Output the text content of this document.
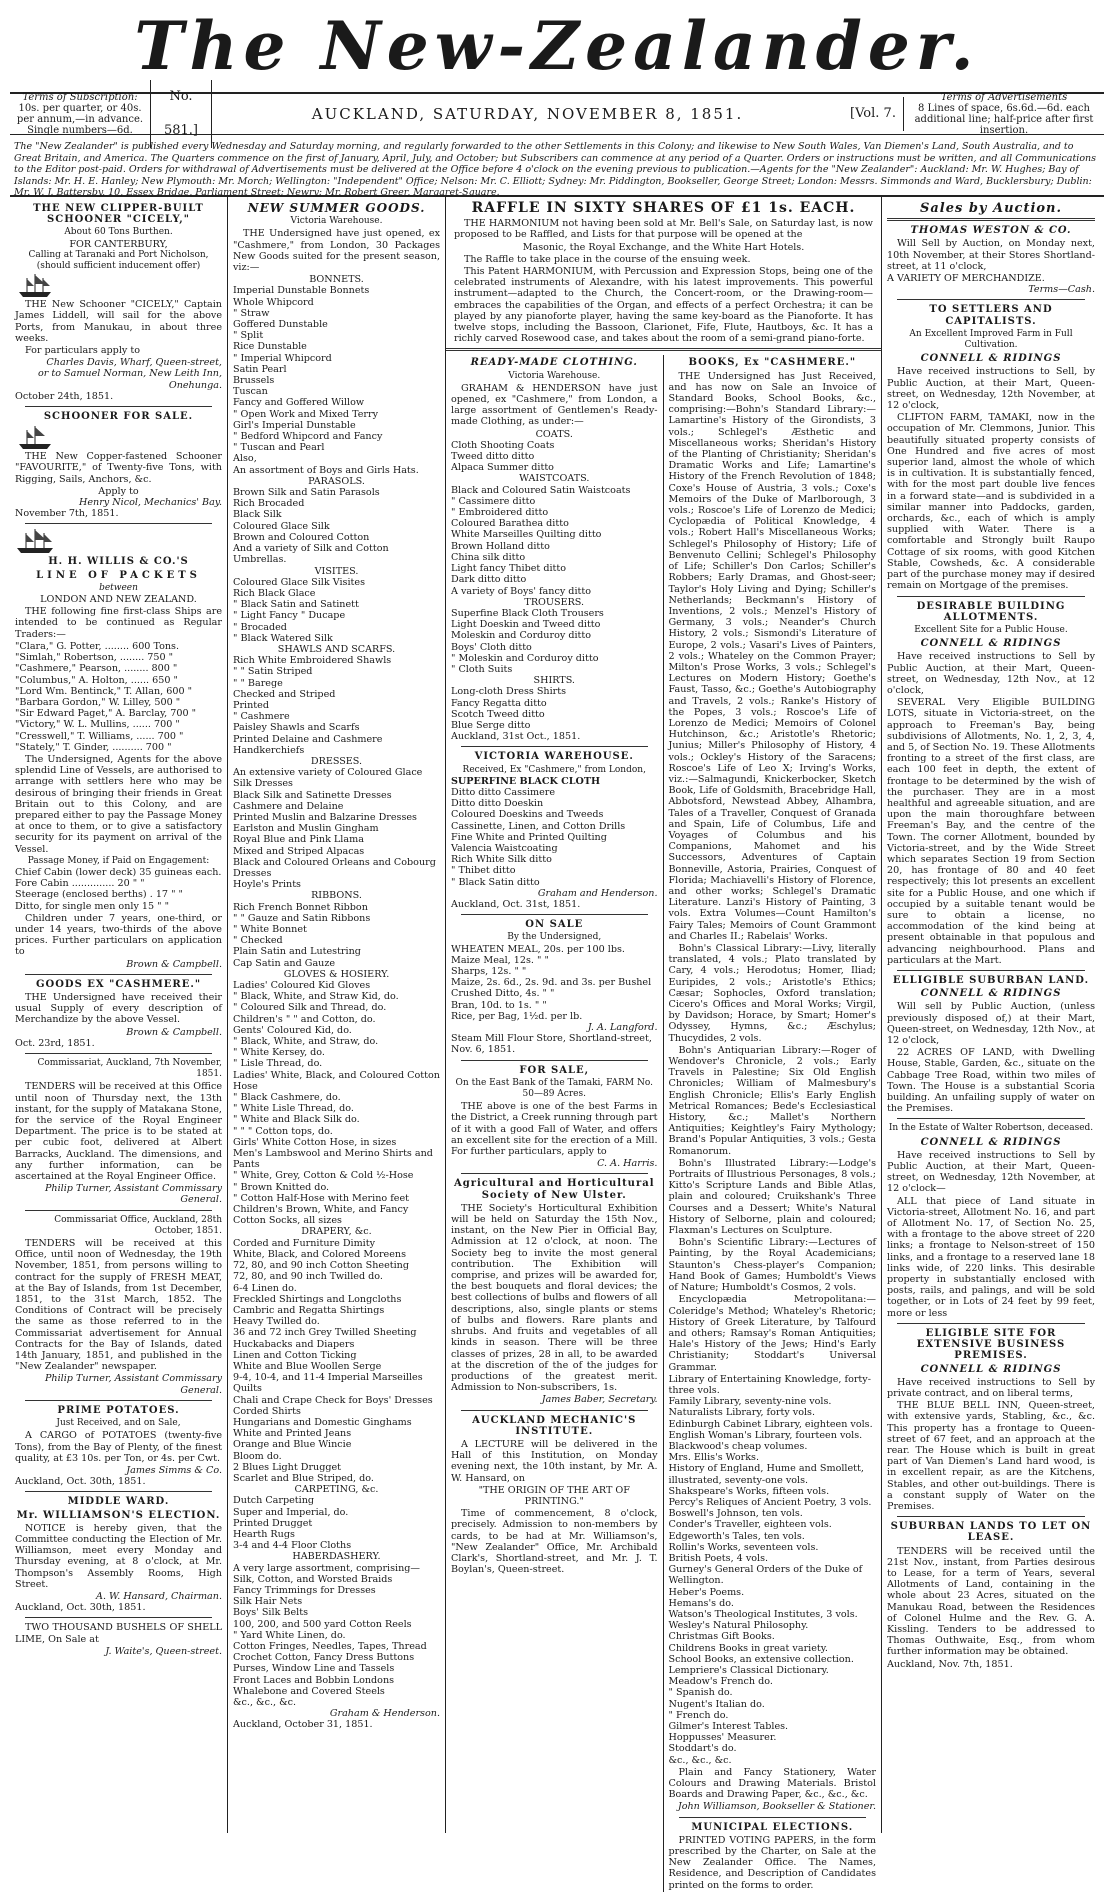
The New-Zealander.
Terms of Subscription:
10s. per quarter, or 40s. per annum,—in advance. Single numbers—6d.
No. 581.]
AUCKLAND, SATURDAY, NOVEMBER 8, 1851.	[Vol. 7.
Terms of Advertisements
8 Lines of space, 6s.6d.—6d. each additional line; half-price after first insertion.
The "New Zealander" is published every Wednesday and Saturday morning, and regularly forwarded to the other Settlements in this Colony; and likewise to New South Wales, Van Diemen's Land, South Australia, and to Great Britain, and America. The Quarters commence on the first of January, April, July, and October; but Subscribers can commence at any period of a Quarter. Orders or instructions must be written, and all Communications to the Editor post-paid. Orders for withdrawal of Advertisements must be delivered at the Office before 4 o'clock on the evening previous to publication.—Agents for the "New Zealander": Auckland: Mr. W. Hughes; Bay of Islands: Mr. H. E. Hanley; New Plymouth: Mr. Morch; Wellington: "Independent" Office; Nelson: Mr. C. Elliott; Sydney: Mr. Piddington, Bookseller, George Street; London: Messrs. Simmonds and Ward, Bucklersbury; Dublin: Mr. W. J. Battersby, 10, Essex Bridge, Parliament Street; Newry: Mr. Robert Greer, Margaret-Square.
THE NEW CLIPPER-BUILT SCHOONER "CICELY,"
About 60 Tons Burthen.
FOR CANTERBURY,
Calling at Taranaki and Port Nicholson, (should sufficient inducement offer)

THE New Schooner "CICELY," Captain James Liddell, will sail for the above Ports, from Manukau, in about three weeks.

For particulars apply to

Charles Davis, Wharf, Queen-street,
or to Samuel Norman, New Leith Inn, Onehunga.
October 24th, 1851.
SCHOONER FOR SALE.

THE New Copper-fastened Schooner "FAVOURITE," of Twenty-five Tons, with Rigging, Sails, Anchors, &c.

Apply to
Henry Nicol, Mechanics' Bay.
November 7th, 1851.
H. H. WILLIS & CO.'S
LINE OF PACKETS
between
LONDON AND NEW ZEALAND.

THE following fine first-class Ships are intended to be continued as Regular Traders:—

"Clara," G. Potter, ........ 600 Tons.
"Simlah," Robertson, ........ 750 "
"Cashmere," Pearson, ........ 800 "
"Columbus," A. Holton, ...... 650 "
"Lord Wm. Bentinck," T. Allan, 600 "
"Barbara Gordon," W. Lilley, 500 "
"Sir Edward Paget," A. Barclay, 700 "
"Victory," W. L. Mullins, ...... 700 "
"Cresswell," T. Williams, ...... 700 "
"Stately," T. Ginder, .......... 700 "

The Undersigned, Agents for the above splendid Line of Vessels, are authorised to arrange with settlers here who may be desirous of bringing their friends in Great Britain out to this Colony, and are prepared either to pay the Passage Money at once to them, or to give a satisfactory security for its payment on arrival of the Vessel.

Passage Money, if Paid on Engagement:
Chief Cabin (lower deck) 35 guineas each.
Fore Cabin .............. 20 " "
Steerage (enclosed berths) . 17 " "
Ditto, for single men only 15 " "

Children under 7 years, one-third, or under 14 years, two-thirds of the above prices. Further particulars on application to

Brown & Campbell.
GOODS EX "CASHMERE."

THE Undersigned have received their usual Supply of every description of Merchandize by the above Vessel.

Brown & Campbell.
Oct. 23rd, 1851.
Commissariat, Auckland, 7th November, 1851.

TENDERS will be received at this Office until noon of Thursday next, the 13th instant, for the supply of Matakana Stone, for the service of the Royal Engineer Department. The price is to be stated at per cubic foot, delivered at Albert Barracks, Auckland. The dimensions, and any further information, can be ascertained at the Royal Engineer Office.

Philip Turner, Assistant Commissary General.
Commissariat Office, Auckland, 28th October, 1851.

TENDERS will be received at this Office, until noon of Wednesday, the 19th November, 1851, from persons willing to contract for the supply of FRESH MEAT, at the Bay of Islands, from 1st December, 1851, to the 31st March, 1852. The Conditions of Contract will be precisely the same as those referred to in the Commissariat advertisement for Annual Contracts for the Bay of Islands, dated 14th January, 1851, and published in the "New Zealander" newspaper.

Philip Turner, Assistant Commissary General.
PRIME POTATOES.
Just Received, and on Sale,

A CARGO of POTATOES (twenty-five Tons), from the Bay of Plenty, of the finest quality, at £3 10s. per Ton, or 4s. per Cwt.

James Simms & Co.
Auckland, Oct. 30th, 1851.
MIDDLE WARD.
Mr. WILLIAMSON'S ELECTION.

NOTICE is hereby given, that the Committee conducting the Election of Mr. Williamson, meet every Monday and Thursday evening, at 8 o'clock, at Mr. Thompson's Assembly Rooms, High Street.

A. W. Hansard, Chairman.
Auckland, Oct. 30th, 1851.

TWO THOUSAND BUSHELS OF SHELL LIME, On Sale at

J. Waite's, Queen-street.
NEW SUMMER GOODS.
Victoria Warehouse.

THE Undersigned have just opened, ex "Cashmere," from London, 30 Packages New Goods suited for the present season, viz:—

BONNETS.
Imperial Dunstable Bonnets
Whole Whipcord
" Straw
Goffered Dunstable
" Split
Rice Dunstable
" Imperial Whipcord
Satin Pearl
Brussels
Tuscan
Fancy and Goffered Willow
" Open Work and Mixed Terry
Girl's Imperial Dunstable
" Bedford Whipcord and Fancy
" Tuscan and Pearl
Also,
An assortment of Boys and Girls Hats.
PARASOLS.
Brown Silk and Satin Parasols
Rich Brocaded
Black Silk
Coloured Glace Silk
Brown and Coloured Cotton
And a variety of Silk and Cotton Umbrellas.
VISITES.
Coloured Glace Silk Visites
Rich Black Glace
" Black Satin and Satinett
" Light Fancy " Ducape
" Brocaded
" Black Watered Silk
SHAWLS AND SCARFS.
Rich White Embroidered Shawls
" " Satin Striped
" " Barege
Checked and Striped
Printed
" Cashmere
Paisley Shawls and Scarfs
Printed Delaine and Cashmere Handkerchiefs
DRESSES.
An extensive variety of Coloured Glace Silk Dresses
Black Silk and Satinette Dresses
Cashmere and Delaine
Printed Muslin and Balzarine Dresses
Earlston and Muslin Gingham
Royal Blue and Pink Llama
Mixed and Striped Alpacas
Black and Coloured Orleans and Cobourg Dresses
Hoyle's Prints
RIBBONS.
Rich French Bonnet Ribbon
" " Gauze and Satin Ribbons
" White Bonnet
" Checked
Plain Satin and Lutestring
Cap Satin and Gauze
GLOVES & HOSIERY.
Ladies' Coloured Kid Gloves
" Black, White, and Straw Kid, do.
" Coloured Silk and Thread, do.
Children's " " and Cotton, do.
Gents' Coloured Kid, do.
" Black, White, and Straw, do.
" White Kersey, do.
" Lisle Thread, do.
Ladies' White, Black, and Coloured Cotton Hose
" Black Cashmere, do.
" White Lisle Thread, do.
" White and Black Silk do.
" " " Cotton tops, do.
Girls' White Cotton Hose, in sizes
Men's Lambswool and Merino Shirts and Pants
" White, Grey, Cotton & Cold ½-Hose
" Brown Knitted do.
" Cotton Half-Hose with Merino feet
Children's Brown, White, and Fancy Cotton Socks, all sizes
DRAPERY, &c.
Corded and Furniture Dimity
White, Black, and Colored Moreens
72, 80, and 90 inch Cotton Sheeting
72, 80, and 90 inch Twilled do.
6-4 Linen do.
Freckled Shirtings and Longcloths
Cambric and Regatta Shirtings
Heavy Twilled do.
36 and 72 inch Grey Twilled Sheeting
Huckabacks and Diapers
Linen and Cotton Ticking
White and Blue Woollen Serge
9-4, 10-4, and 11-4 Imperial Marseilles Quilts
Chali and Crape Check for Boys' Dresses
Corded Shirts
Hungarians and Domestic Ginghams
White and Printed Jeans
Orange and Blue Wincie
Bloom do.
2 Blues Light Drugget
Scarlet and Blue Striped, do.
CARPETING, &c.
Dutch Carpeting
Super and Imperial, do.
Printed Drugget
Hearth Rugs
3-4 and 4-4 Floor Cloths
HABERDASHERY.
A very large assortment, comprising—Silk, Cotton, and Worsted Braids
Fancy Trimmings for Dresses
Silk Hair Nets
Boys' Silk Belts
100, 200, and 500 yard Cotton Reels
" Yard White Linen, do.
Cotton Fringes, Needles, Tapes, Thread
Crochet Cotton, Fancy Dress Buttons
Purses, Window Line and Tassels
Front Laces and Bobbin Londons
Whalebone and Covered Steels
&c., &c., &c.
Graham & Henderson.
Auckland, October 31, 1851.
RAFFLE IN SIXTY SHARES OF £1 1s. EACH.

THE HARMONIUM not having been sold at Mr. Bell's Sale, on Saturday last, is now proposed to be Raffled, and Lists for that purpose will be opened at the

Masonic, the Royal Exchange, and the White Hart Hotels.

The Raffle to take place in the course of the ensuing week.

This Patent HARMONIUM, with Percussion and Expression Stops, being one of the celebrated instruments of Alexandre, with his latest improvements. This powerful instrument—adapted to the Church, the Concert-room, or the Drawing-room—embraces the capabilities of the Organ, and effects of a perfect Orchestra; it can be played by any pianoforte player, having the same key-board as the Pianoforte. It has twelve stops, including the Bassoon, Clarionet, Fife, Flute, Hautboys, &c. It has a richly carved Rosewood case, and takes about the room of a semi-grand piano-forte.

READY-MADE CLOTHING.
Victoria Warehouse.

GRAHAM & HENDERSON have just opened, ex "Cashmere," from London, a large assortment of Gentlemen's Ready-made Clothing, as under:—

COATS.
Cloth Shooting Coats
Tweed ditto ditto
Alpaca Summer ditto
WAISTCOATS.
Black and Coloured Satin Waistcoats
" Cassimere ditto
" Embroidered ditto
Coloured Barathea ditto
White Marseilles Quilting ditto
Brown Holland ditto
China silk ditto
Light fancy Thibet ditto
Dark ditto ditto
A variety of Boys' fancy ditto
TROUSERS.
Superfine Black Cloth Trousers
Light Doeskin and Tweed ditto
Moleskin and Corduroy ditto
Boys' Cloth ditto
" Moleskin and Corduroy ditto
" Cloth Suits
SHIRTS.
Long-cloth Dress Shirts
Fancy Regatta ditto
Scotch Tweed ditto
Blue Serge ditto
Auckland, 31st Oct., 1851.
VICTORIA WAREHOUSE.
Received, Ex "Cashmere," from London,
SUPERFINE BLACK CLOTH
Ditto ditto Cassimere
Ditto ditto Doeskin
Coloured Doeskins and Tweeds
Cassinette, Linen, and Cotton Drills
Fine White and Printed Quilting
Valencia Waistcoating
Rich White Silk ditto
" Thibet ditto
" Black Satin ditto
Graham and Henderson.
Auckland, Oct. 31st, 1851.
ON SALE
By the Undersigned,
WHEATEN MEAL, 20s. per 100 lbs.
Maize Meal, 12s. " "
Sharps, 12s. " "
Maize, 2s. 6d., 2s. 9d. and 3s. per Bushel
Crushed Ditto, 4s. " "
Bran, 10d. to 1s. " "
Rice, per Bag, 1½d. per lb.
J. A. Langford.
Steam Mill Flour Store, Shortland-street, Nov. 6, 1851.
FOR SALE,
On the East Bank of the Tamaki, FARM No. 50—89 Acres.

THE above is one of the best Farms in the District, a Creek running through part of it with a good Fall of Water, and offers an excellent site for the erection of a Mill. For further particulars, apply to

C. A. Harris.
Agricultural and Horticultural Society of New Ulster.

THE Society's Horticultural Exhibition will be held on Saturday the 15th Nov., instant, on the New Pier in Official Bay, Admission at 12 o'clock, at noon. The Society beg to invite the most general contribution. The Exhibition will comprise, and prizes will be awarded for, the best bouquets and floral devices; the best collections of bulbs and flowers of all descriptions, also, single plants or stems of bulbs and flowers. Rare plants and shrubs. And fruits and vegetables of all kinds in season. There will be three classes of prizes, 28 in all, to be awarded at the discretion of the of the judges for productions of the greatest merit. Admission to Non-subscribers, 1s.

James Baber, Secretary.
AUCKLAND MECHANIC'S INSTITUTE.

A LECTURE will be delivered in the Hall of this Institution, on Monday evening next, the 10th instant, by Mr. A. W. Hansard, on

"THE ORIGIN OF THE ART OF PRINTING."

Time of commencement, 8 o'clock, precisely. Admission to non-members by cards, to be had at Mr. Williamson's, "New Zealander" Office, Mr. Archibald Clark's, Shortland-street, and Mr. J. T. Boylan's, Queen-street.

BOOKS, Ex "CASHMERE."

THE Undersigned has Just Received, and has now on Sale an Invoice of Standard Books, School Books, &c., comprising:—Bohn's Standard Library:—Lamartine's History of the Girondists, 3 vols.; Schlegel's Æsthetic and Miscellaneous works; Sheridan's History of the Planting of Christianity; Sheridan's Dramatic Works and Life; Lamartine's History of the French Revolution of 1848; Coxe's House of Austria, 3 vols.; Coxe's Memoirs of the Duke of Marlborough, 3 vols.; Roscoe's Life of Lorenzo de Medici; Cyclopædia of Political Knowledge, 4 vols.; Robert Hall's Miscellaneous Works; Schlegel's Philosophy of History; Life of Benvenuto Cellini; Schlegel's Philosophy of Life; Schiller's Don Carlos; Schiller's Robbers; Early Dramas, and Ghost-seer; Taylor's Holy Living and Dying; Schiller's Netherlands; Beckmann's History of Inventions, 2 vols.; Menzel's History of Germany, 3 vols.; Neander's Church History, 2 vols.; Sismondi's Literature of Europe, 2 vols.; Vasari's Lives of Painters, 2 vols.; Whateley on the Common Prayer; Milton's Prose Works, 3 vols.; Schlegel's Lectures on Modern History; Goethe's Faust, Tasso, &c.; Goethe's Autobiography and Travels, 2 vols.; Ranke's History of the Popes, 3 vols.; Roscoe's Life of Lorenzo de Medici; Memoirs of Colonel Hutchinson, &c.; Aristotle's Rhetoric; Junius; Miller's Philosophy of History, 4 vols.; Ockley's History of the Saracens; Roscoe's Life of Leo X; Irving's Works, viz.:—Salmagundi, Knickerbocker, Sketch Book, Life of Goldsmith, Bracebridge Hall, Abbotsford, Newstead Abbey, Alhambra, Tales of a Traveller, Conquest of Granada and Spain, Life of Columbus, Life and Voyages of Columbus and his Companions, Mahomet and his Successors, Adventures of Captain Bonneville, Astoria, Prairies, Conquest of Florida; Machiavelli's History of Florence, and other works; Schlegel's Dramatic Literature. Lanzi's History of Painting, 3 vols. Extra Volumes—Count Hamilton's Fairy Tales; Memoirs of Count Grammont and Charles II.; Rabelais' Works.

Bohn's Classical Library:—Livy, literally translated, 4 vols.; Plato translated by Cary, 4 vols.; Herodotus; Homer, Iliad; Euripides, 2 vols.; Aristotle's Ethics; Cæsar; Sophocles, Oxford translation; Cicero's Offices and Moral Works; Virgil, by Davidson; Horace, by Smart; Homer's Odyssey, Hymns, &c.; Æschylus; Thucydides, 2 vols.

Bohn's Antiquarian Library:—Roger of Wendover's Chronicle, 2 vols.; Early Travels in Palestine; Six Old English Chronicles; William of Malmesbury's English Chronicle; Ellis's Early English Metrical Romances; Bede's Ecclesiastical History, &c.; Mallet's Northern Antiquities; Keightley's Fairy Mythology; Brand's Popular Antiquities, 3 vols.; Gesta Romanorum.

Bohn's Illustrated Library:—Lodge's Portraits of Illustrious Personages, 8 vols.; Kitto's Scripture Lands and Bible Atlas, plain and coloured; Cruikshank's Three Courses and a Dessert; White's Natural History of Selborne, plain and coloured; Flaxman's Lectures on Sculpture.

Bohn's Scientific Library:—Lectures of Painting, by the Royal Academicians; Staunton's Chess-player's Companion; Hand Book of Games; Humboldt's Views of Nature; Humboldt's Cosmos, 2 vols.

Encyclopædia Metropolitana:—Coleridge's Method; Whateley's Rhetoric; History of Greek Literature, by Talfourd and others; Ramsay's Roman Antiquities; Hale's History of the Jews; Hind's Early Christianity; Stoddart's Universal Grammar.

Library of Entertaining Knowledge, forty-three vols.
Family Library, seventy-nine vols.
Naturalists Library, forty vols.
Edinburgh Cabinet Library, eighteen vols.
English Woman's Library, fourteen vols.
Blackwood's cheap volumes.
Mrs. Ellis's Works.
History of England, Hume and Smollett, illustrated, seventy-one vols.
Shakspeare's Works, fifteen vols.
Percy's Reliques of Ancient Poetry, 3 vols.
Boswell's Johnson, ten vols.
Conder's Traveller, eighteen vols.
Edgeworth's Tales, ten vols.
Rollin's Works, seventeen vols.
British Poets, 4 vols.
Gurney's General Orders of the Duke of Wellington.
Heber's Poems.
Hemans's do.
Watson's Theological Institutes, 3 vols.
Wesley's Natural Philosophy.
Christmas Gift Books.
Childrens Books in great variety.
School Books, an extensive collection.
Lempriere's Classical Dictionary.
Meadow's French do.
" Spanish do.
Nugent's Italian do.
" French do.
Gilmer's Interest Tables.
Hoppusses' Measurer.
Stoddart's do.
&c., &c., &c.

Plain and Fancy Stationery, Water Colours and Drawing Materials. Bristol Boards and Drawing Paper, &c., &c., &c.

John Williamson, Bookseller & Stationer.
MUNICIPAL ELECTIONS.

PRINTED VOTING PAPERS, in the form prescribed by the Charter, on Sale at the New Zealander Office. The Names, Residence, and Description of Candidates printed on the forms to order.

Sales by Auction.
THOMAS WESTON & CO.

Will Sell by Auction, on Monday next, 10th November, at their Stores Shortland-street, at 11 o'clock,

A VARIETY OF MERCHANDIZE.
Terms—Cash.
TO SETTLERS AND CAPITALISTS.
An Excellent Improved Farm in Full Cultivation.
CONNELL & RIDINGS

Have received instructions to Sell, by Public Auction, at their Mart, Queen-street, on Wednesday, 12th November, at 12 o'clock,

CLIFTON FARM, TAMAKI, now in the occupation of Mr. Clemmons, Junior. This beautifully situated property consists of One Hundred and five acres of most superior land, almost the whole of which is in cultivation. It is substantially fenced, with for the most part double live fences in a forward state—and is subdivided in a similar manner into Paddocks, garden, orchards, &c., each of which is amply supplied with Water. There is a comfortable and Strongly built Raupo Cottage of six rooms, with good Kitchen Stable, Cowsheds, &c. A considerable part of the purchase money may if desired remain on Mortgage of the premises.

DESIRABLE BUILDING ALLOTMENTS.
Excellent Site for a Public House.
CONNELL & RIDINGS

Have received instructions to Sell by Public Auction, at their Mart, Queen-street, on Wednesday, 12th Nov., at 12 o'clock,

SEVERAL Very Eligible BUILDING LOTS, situate in Victoria-street, on the approach to Freeman's Bay, being subdivisions of Allotments, No. 1, 2, 3, 4, and 5, of Section No. 19. These Allotments fronting to a street of the first class, are each 100 feet in depth, the extent of frontage to be determined by the wish of the purchaser. They are in a most healthful and agreeable situation, and are upon the main thoroughfare between Freeman's Bay, and the centre of the Town. The corner Allotment, bounded by Victoria-street, and by the Wide Street which separates Section 19 from Section 20, has frontage of 80 and 40 feet respectively; this lot presents an excellent site for a Public House, and one which if occupied by a suitable tenant would be sure to obtain a license, no accommodation of the kind being at present obtainable in that populous and advancing neighbourhood. Plans and particulars at the Mart.

ELLIGIBLE SUBURBAN LAND.
CONNELL & RIDINGS

Will sell by Public Auction, (unless previously disposed of,) at their Mart, Queen-street, on Wednesday, 12th Nov., at 12 o'clock,

22 ACRES OF LAND, with Dwelling House, Stable, Garden, &c., situate on the Cabbage Tree Road, within two miles of Town. The House is a substantial Scoria building. An unfailing supply of water on the Premises.

In the Estate of Walter Robertson, deceased.
CONNELL & RIDINGS

Have received instructions to Sell by Public Auction, at their Mart, Queen-street, on Wednesday, 12th November, at 12 o'clock—

ALL that piece of Land situate in Victoria-street, Allotment No. 16, and part of Allotment No. 17, of Section No. 25, with a frontage to the above street of 220 links; a frontage to Nelson-street of 150 links, and a frontage to a reserved lane 18 links wide, of 220 links. This desirable property in substantially enclosed with posts, rails, and palings, and will be sold together, or in Lots of 24 feet by 99 feet, more or less

ELIGIBLE SITE FOR EXTENSIVE BUSINESS PREMISES.
CONNELL & RIDINGS

Have received instructions to Sell by private contract, and on liberal terms,

THE BLUE BELL INN, Queen-street, with extensive yards, Stabling, &c., &c. This property has a frontage to Queen-street of 67 feet, and an approach at the rear. The House which is built in great part of Van Diemen's Land hard wood, is in excellent repair, as are the Kitchens, Stables, and other out-buildings. There is a constant supply of Water on the Premises.

SUBURBAN LANDS TO LET ON LEASE.

TENDERS will be received until the 21st Nov., instant, from Parties desirous to Lease, for a term of Years, several Allotments of Land, containing in the whole about 23 Acres, situated on the Manukau Road, between the Residences of Colonel Hulme and the Rev. G. A. Kissling. Tenders to be addressed to Thomas Outhwaite, Esq., from whom further information may be obtained.

Auckland, Nov. 7th, 1851.
